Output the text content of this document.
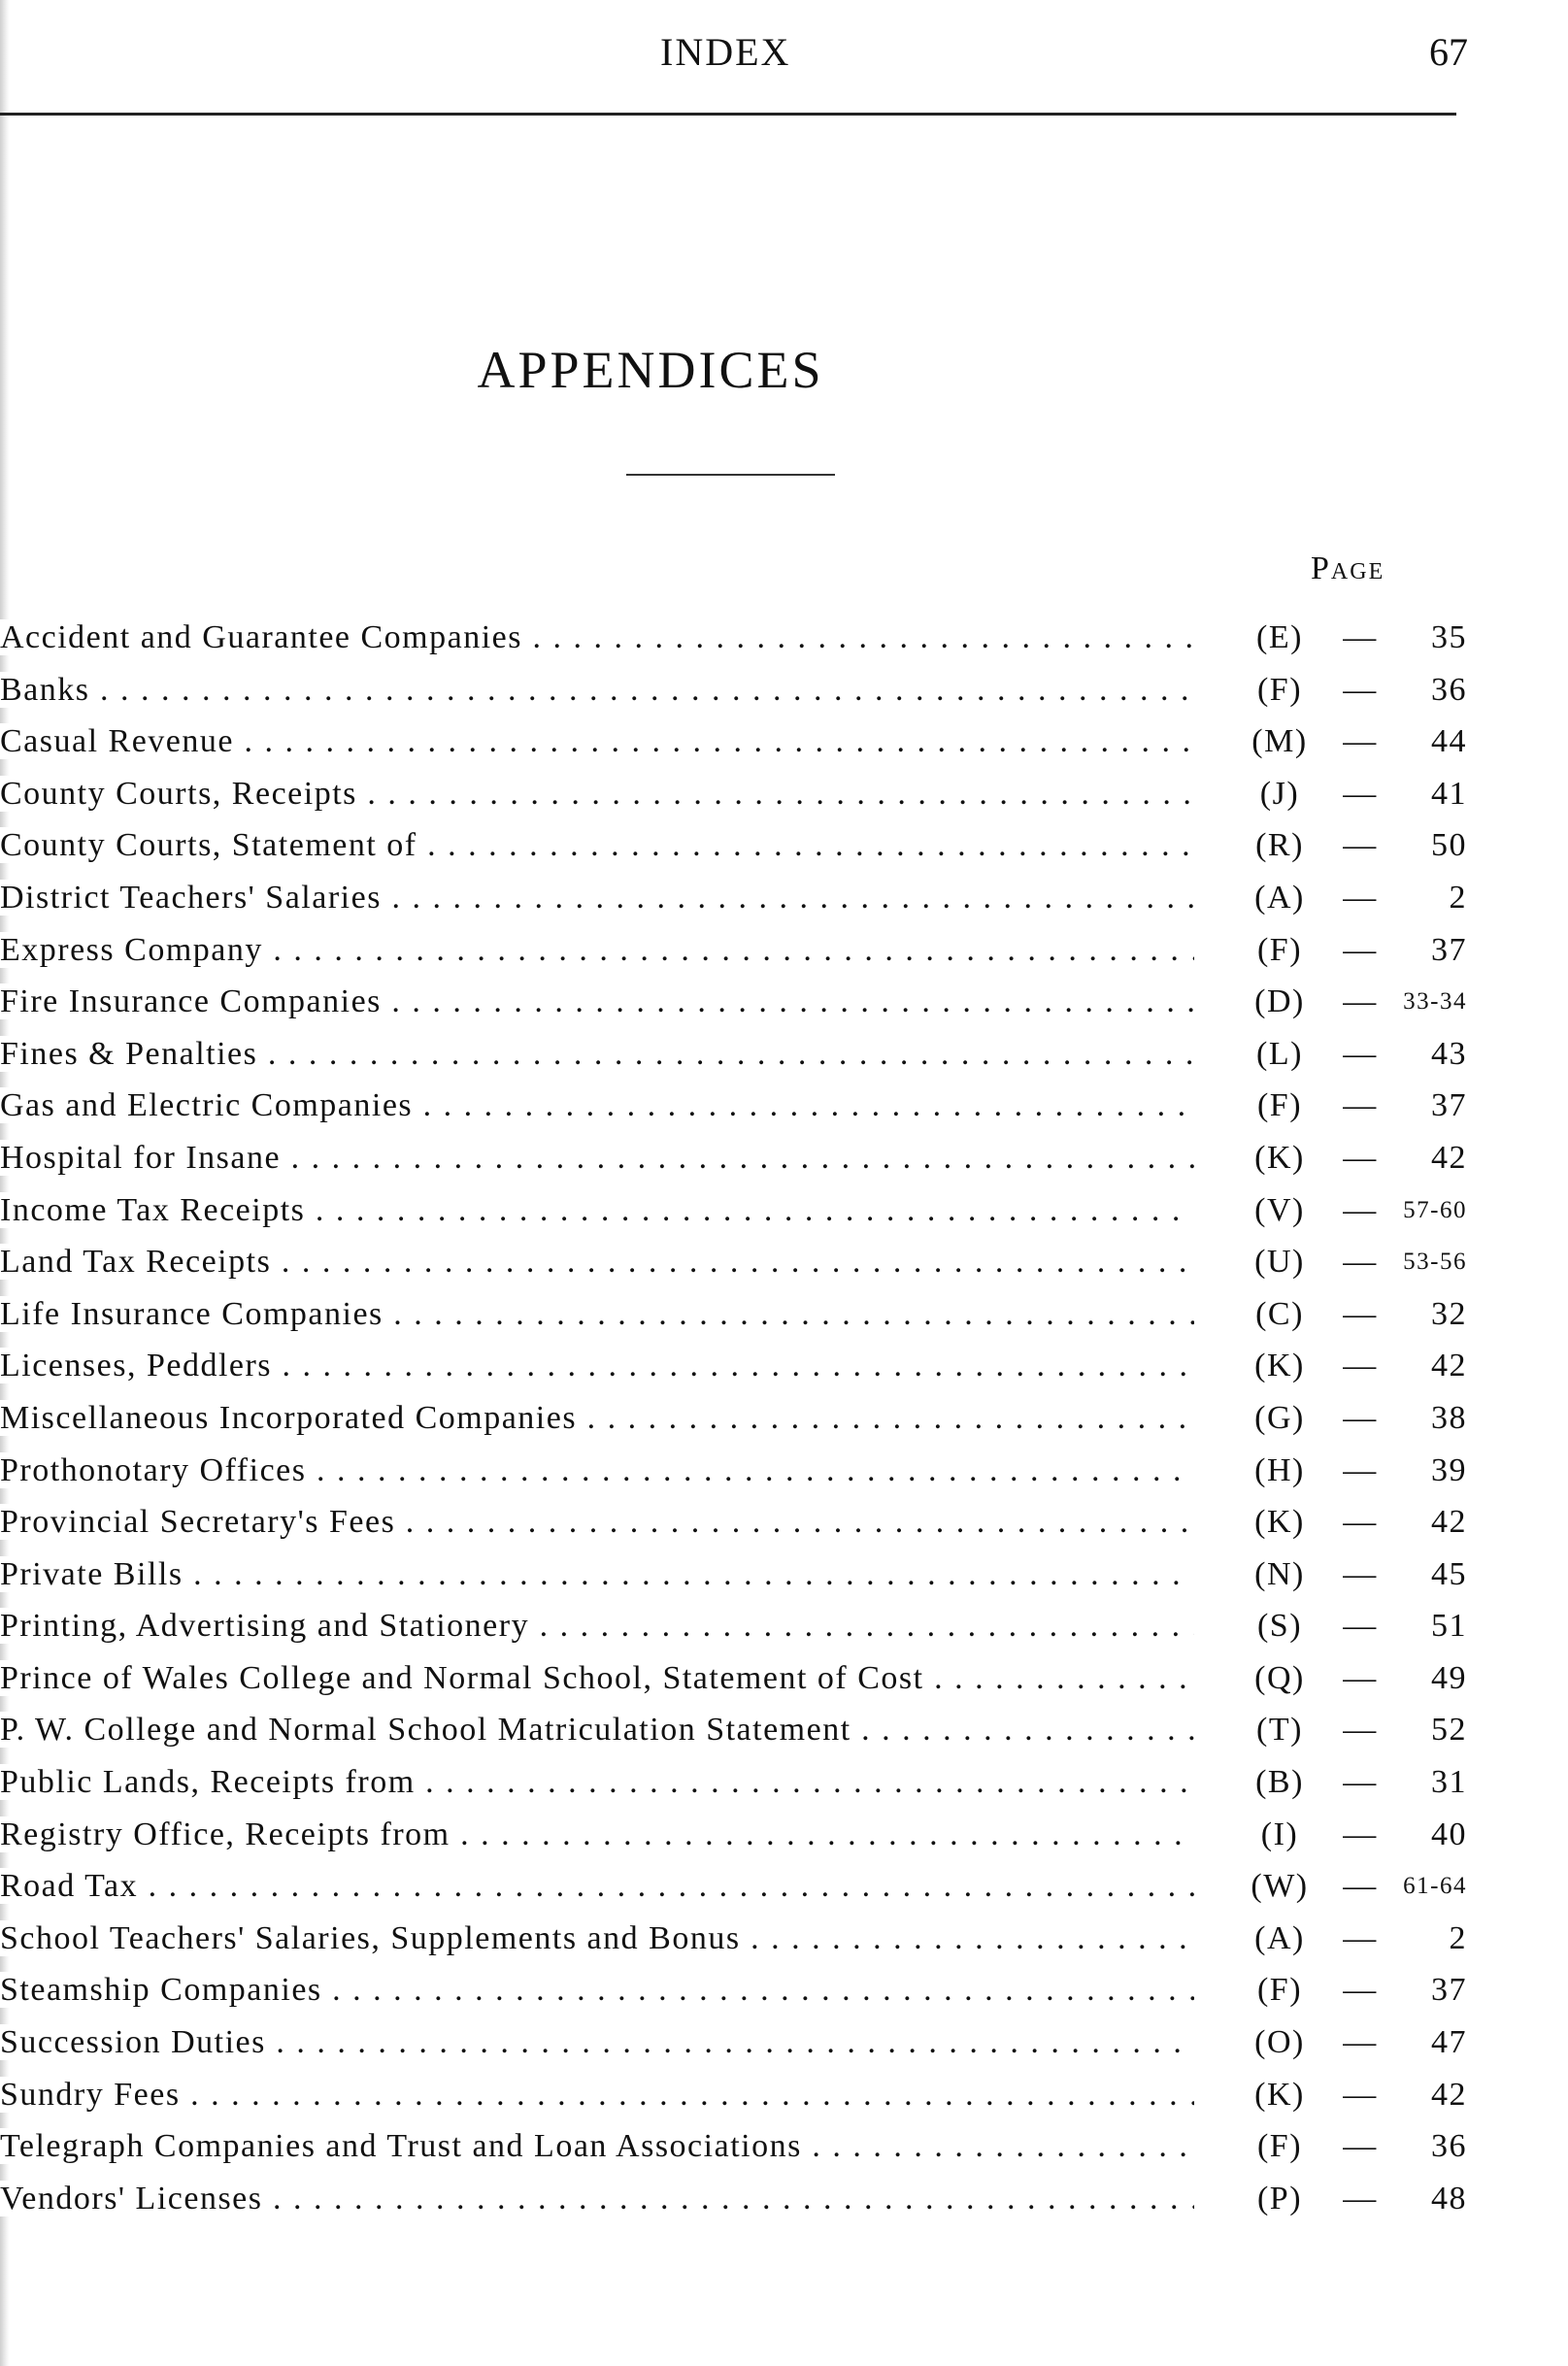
INDEX	67
APPENDICES
Page
Accident and Guarantee Companies . . .	(E)	—	35
Banks . . .	(F)	—	36
Casual Revenue . . .	(M)	—	44
County Courts, Receipts . . .	(J)	—	41
County Courts, Statement of . . .	(R)	—	50
District Teachers' Salaries . . .	(A)	—	2
Express Company . . .	(F)	—	37
Fire Insurance Companies . . .	(D)	—	33-34
Fines & Penalties . . .	(L)	—	43
Gas and Electric Companies . . .	(F)	—	37
Hospital for Insane . . .	(K)	—	42
Income Tax Receipts . . .	(V)	—	57-60
Land Tax Receipts . . .	(U)	—	53-56
Life Insurance Companies . . .	(C)	—	32
Licenses, Peddlers . . .	(K)	—	42
Miscellaneous Incorporated Companies . . .	(G)	—	38
Prothonotary Offices . . .	(H)	—	39
Provincial Secretary's Fees . . .	(K)	—	42
Private Bills . . .	(N)	—	45
Printing, Advertising and Stationery . . .	(S)	—	51
Prince of Wales College and Normal School, Statement of Cost . . .	(Q)	—	49
P. W. College and Normal School Matriculation Statement . . .	(T)	—	52
Public Lands, Receipts from . . .	(B)	—	31
Registry Office, Receipts from . . .	(I)	—	40
Road Tax . . .	(W)	—	61-64
School Teachers' Salaries, Supplements and Bonus . . .	(A)	—	2
Steamship Companies . . .	(F)	—	37
Succession Duties . . .	(O)	—	47
Sundry Fees . . .	(K)	—	42
Telegraph Companies and Trust and Loan Associations . . .	(F)	—	36
Vendors' Licenses . . .	(P)	—	48
